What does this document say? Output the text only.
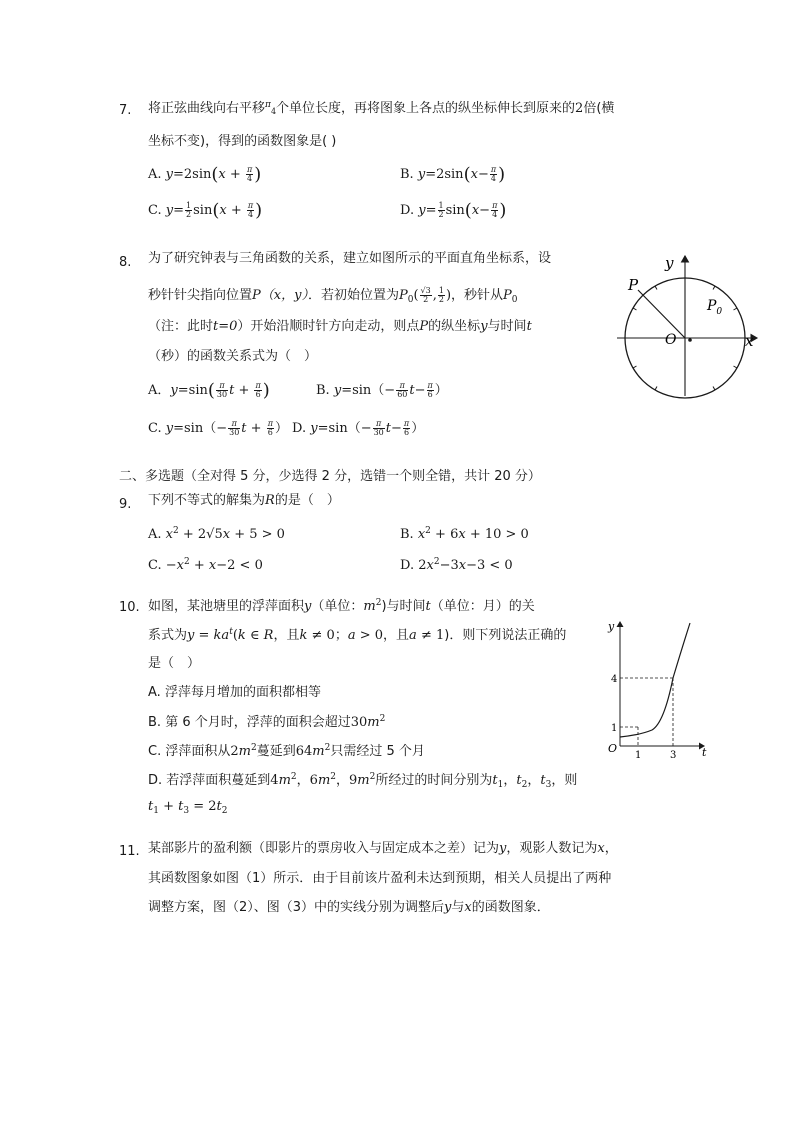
7. 将正弦曲线向右平移$^\pi$4个单位长度，再将图象上各点的纵坐标伸长到原来的2倍(横
坐标不变)，得到的函数图象是( )
A. $y=2\sin(x + \frac{\pi}{4}$ )	B. $y=2\sin(x- \frac{\pi}{4}$ )
C. $y= \frac{1}{2} \sin(x + \frac{\pi}{4}$ )	D. $y= \frac{1}{2} \sin(x- \frac{\pi}{4}$ )
8. 为了研究钟表与三角函数的关系，建立如图所示的平面直角坐标系，设
秒针针尖指向位置P（x，y）．若初始位置为$P_0( \frac{√3}{2}$ , $\frac{1}{2}$ )，秒针从$P_0$
（注：此时t=0）开始沿顺时针方向走动，则点P的纵坐标y与时间t
（秒）的函数关系式为（　）
A．$y=\sin( \frac{\pi}{30}$ $t + \frac{\pi}{6}$ )	B. $y=\sin(- \frac{\pi}{60} t- \frac{\pi}{6}$ ）
C. $y=\sin(- \frac{\pi}{30}$ $t + \frac{\pi}{6}$ ） D. $y=\sin(- \frac{\pi}{30} t- \frac{\pi}{6}$ ）
P
$P_0$
O	x
y
二、多选题（全对得 5 分，少选得 2 分，选错一个则全错，共计 20 分）
9. 下列不等式的解集为R的是（　）
A. $x^2 + 2√5x + 5 > 0$	B. $x^2 + 6x + 10 > 0$
C. $-x^2 + x-2 < 0$	D. $2x^2-3x-3 < 0$
10. 如图，某池塘里的浮萍面积y（单位：$m^2$)与时间t（单位：月）的关
系式为$y = ka^t(k$ ∈ R，且k ≠ 0；a > 0，且a ≠ 1)．则下列说法正确的
是（　）
A. 浮萍每月增加的面积都相等
B. 第 6 个月时，浮萍的面积会超过$30m^2$
C. 浮萍面积从$2m^2$蔓延到$64m^2$只需经过 5 个月
D. 若浮萍面积蔓延到$4m^2$，$6m^2$，$9m^2$所经过的时间分别为$t_1$，$t_2$，$t_3$，则
$t_1 + t_3 = 2t_2$
y
t
O
4
1
1	3
11. 某部影片的盈利额（即影片的票房收入与固定成本之差）记为y，观影人数记为x，
其函数图象如图（1）所示．由于目前该片盈利未达到预期，相关人员提出了两种
调整方案，图（2）、图（3）中的实线分别为调整后y与x的函数图象．
